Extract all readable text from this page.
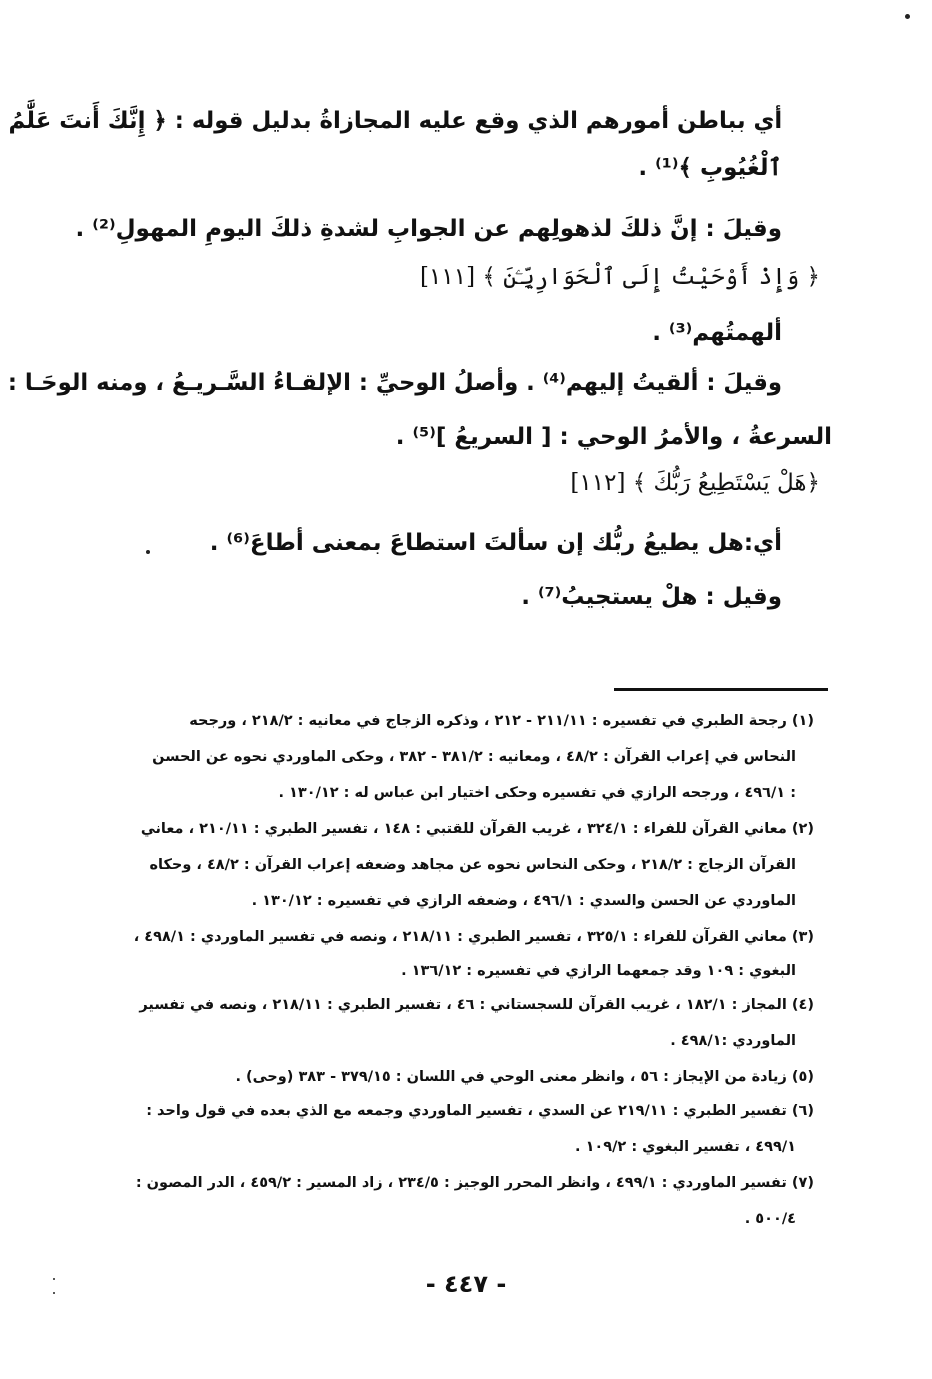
أي بباطن أمورهم الذي وقع عليه المجازاةُ بدليل قوله : ﴿ إِنَّكَ أَنتَ عَلَّٰمُ
ٱلْغُيُوبِ ﴾⁽¹⁾ .
وقيلَ : إنَّ ذلكَ لذهولِهم عن الجوابِ لشدةِ ذلكَ اليومِ المهولِ⁽²⁾ .
﴿ وَإِذْ أَوْحَيْتُ إِلَى ٱلْحَوَارِيِّـۧنَ ﴾ [١١١]
ألهمتُهم⁽³⁾ .
وقيلَ : ألقيتُ إليهم⁽⁴⁾ . وأصلُ الوحيِّ : الإلقـاءُ السَّـريـعُ ، ومنه الوحَـا :
السرعةُ ، والأمرُ الوحي : [ السريعُ ]⁽⁵⁾ .
﴿هَلْ يَسْتَطِيعُ رَبُّكَ ﴾ [١١٢]
أي:هل يطيعُ ربُّك إن سألتَ استطاعَ بمعنى أطاعَ⁽⁶⁾ .
وقيل : هلْ يستجيبُ⁽⁷⁾ .
(١) رجحة الطبري في تفسيره : ٢١١/١١ - ٢١٢ ، وذكره الزجاج في معانيه : ٢١٨/٢ ، ورجحه
النحاس في إعراب القرآن : ٤٨/٢ ، ومعانيه : ٣٨١/٢ - ٣٨٢ ، وحكى الماوردي نحوه عن الحسن
: ٤٩٦/١ ، ورجحه الرازي في تفسيره وحكى اختيار ابن عباس له : ١٣٠/١٢ .
(٢) معاني القرآن للفراء : ٣٢٤/١ ، غريب القرآن للقتبي : ١٤٨ ، تفسير الطبري : ٢١٠/١١ ، معاني
القرآن الزجاج : ٢١٨/٢ ، وحكى النحاس نحوه عن مجاهد وضعفه إعراب القرآن : ٤٨/٢ ، وحكاه
الماوردي عن الحسن والسدي : ٤٩٦/١ ، وضعفه الرازي في تفسيره : ١٣٠/١٢ .
(٣) معاني القرآن للفراء : ٣٢٥/١ ، تفسير الطبري : ٢١٨/١١ ، ونصه في تفسير الماوردي : ٤٩٨/١ ،
البغوي : ١٠٩ وقد جمعهما الرازي في تفسيره : ١٣٦/١٢ .
(٤) المجاز : ١٨٢/١ ، غريب القرآن للسجستاني : ٤٦ ، تفسير الطبري : ٢١٨/١١ ، ونصه في تفسير
الماوردي :٤٩٨/١ .
(٥) زيادة من الإيجاز : ٥٦ ، وانظر معنى الوحي في اللسان : ٣٧٩/١٥ - ٣٨٣ (وحى) .
(٦) تفسير الطبري : ٢١٩/١١ عن السدي ، تفسير الماوردي وجمعه مع الذي بعده في قول واحد :
٤٩٩/١ ، تفسير البغوي : ١٠٩/٢ .
(٧) تفسير الماوردي : ٤٩٩/١ ، وانظر المحرر الوجيز : ٢٣٤/٥ ، زاد المسير : ٤٥٩/٢ ، الدر المصون :
٥٠٠/٤ .
- ٤٤٧ -
